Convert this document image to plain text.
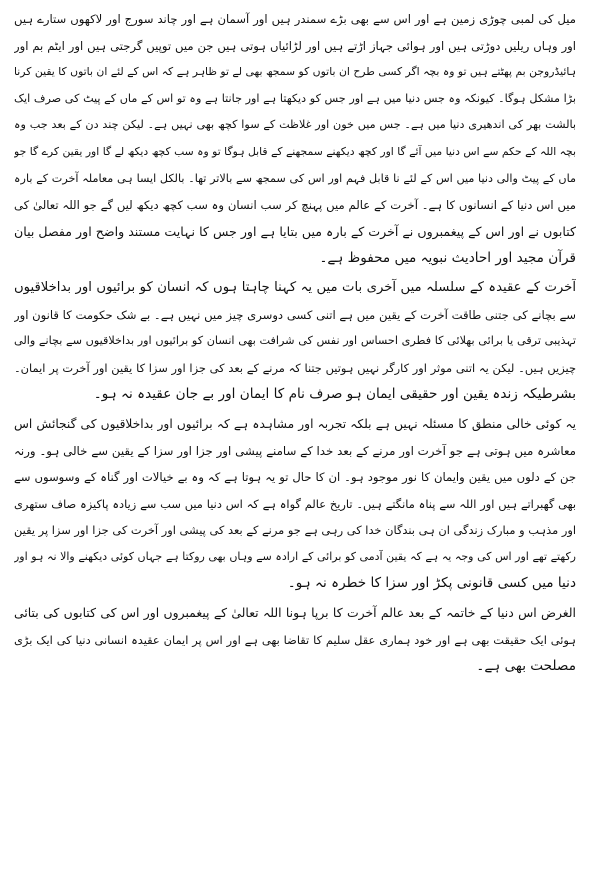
میل کی لمبی چوڑی زمین ہے اور اس سے بھی بڑے سمندر ہیں اور آسمان ہے اور چاند سورج اور لاکھوں ستارے ہیں
اور وہاں ریلیں دوڑتی ہیں اور ہوائی جہاز اڑتے ہیں اور لڑائیاں ہوتی ہیں جن میں توپیں گرجتی ہیں اور ایٹم بم اور
ہائیڈروجن بم پھٹتے ہیں تو وہ بچہ اگر کسی طرح ان باتوں کو سمجھ بھی لے تو ظاہر ہے کہ اس کے لئے ان باتوں کا یقین کرنا
بڑا مشکل ہوگا۔ کیونکہ وہ جس دنیا میں ہے اور جس کو دیکھتا ہے اور جانتا ہے وہ تو اس کے ماں کے پیٹ کی صرف ایک
بالشت بھر کی اندھیری دنیا میں ہے۔ جس میں خون اور غلاظت کے سوا کچھ بھی نہیں ہے۔ لیکن چند دن کے بعد جب وہ
بچہ اللہ کے حکم سے اس دنیا میں آئے گا اور کچھ دیکھنے سمجھنے کے قابل ہوگا تو وہ سب کچھ دیکھ لے گا اور یقین کرے گا جو
ماں کے پیٹ والی دنیا میں اس کے لئے نا قابل فہم اور اس کی سمجھ سے بالاتر تھا۔ بالکل ایسا ہی معاملہ آخرت کے بارہ
میں اس دنیا کے انسانوں کا ہے۔ آخرت کے عالم میں پہنچ کر سب انسان وہ سب کچھ دیکھ لیں گے جو اللہ تعالیٰ کی
کتابوں نے اور اس کے پیغمبروں نے آخرت کے بارہ میں بتایا ہے اور جس کا نہایت مستند واضح اور مفصل بیان
قرآن مجید اور احادیث نبویہ میں محفوظ ہے۔
آخرت کے عقیدہ کے سلسلہ میں آخری بات میں یہ کہنا چاہتا ہوں کہ انسان کو برائیوں اور بداخلاقیوں
سے بچانے کی جتنی طاقت آخرت کے یقین میں ہے اتنی کسی دوسری چیز میں نہیں ہے۔ بے شک حکومت کا قانون اور
تہذیبی ترقی یا برائی بھلائی کا فطری احساس اور نفس کی شرافت بھی انسان کو برائیوں اور بداخلاقیوں سے بچانے والی
چیزیں ہیں۔ لیکن یہ اتنی موثر اور کارگر نہیں ہوتیں جتنا کہ مرنے کے بعد کی جزا اور سزا کا یقین اور آخرت پر ایمان۔
بشرطیکہ زندہ یقین اور حقیقی ایمان ہو صرف نام کا ایمان اور بے جان عقیدہ نہ ہو۔
یہ کوئی خالی منطق کا مسئلہ نہیں ہے بلکہ تجربہ اور مشاہدہ ہے کہ برائیوں اور بداخلاقیوں کی گنجائش اس
معاشرہ میں ہوتی ہے جو آخرت اور مرنے کے بعد خدا کے سامنے پیشی اور جزا اور سزا کے یقین سے خالی ہو۔ ورنہ
جن کے دلوں میں یقین وایمان کا نور موجود ہو۔ ان کا حال تو یہ ہوتا ہے کہ وہ بے خیالات اور گناہ کے وسوسوں سے
بھی گھبراتے ہیں اور اللہ سے پناہ مانگتے ہیں۔ تاریخ عالم گواہ ہے کہ اس دنیا میں سب سے زیادہ پاکیزہ صاف ستھری
اور مذہب و مبارک زندگی ان ہی بندگان خدا کی رہی ہے جو مرنے کے بعد کی پیشی اور آخرت کی جزا اور سزا پر یقین
رکھتے تھے اور اس کی وجہ یہ ہے کہ یقین آدمی کو برائی کے ارادہ سے وہاں بھی روکتا ہے جہاں کوئی دیکھنے والا نہ ہو اور
دنیا میں کسی قانونی پکڑ اور سزا کا خطرہ نہ ہو۔
الغرض اس دنیا کے خاتمہ کے بعد عالم آخرت کا برپا ہونا اللہ تعالیٰ کے پیغمبروں اور اس کی کتابوں کی بتائی
ہوئی ایک حقیقت بھی ہے اور خود ہماری عقل سلیم کا تقاضا بھی ہے اور اس پر ایمان عقیدہ انسانی دنیا کی ایک بڑی
مصلحت بھی ہے۔
